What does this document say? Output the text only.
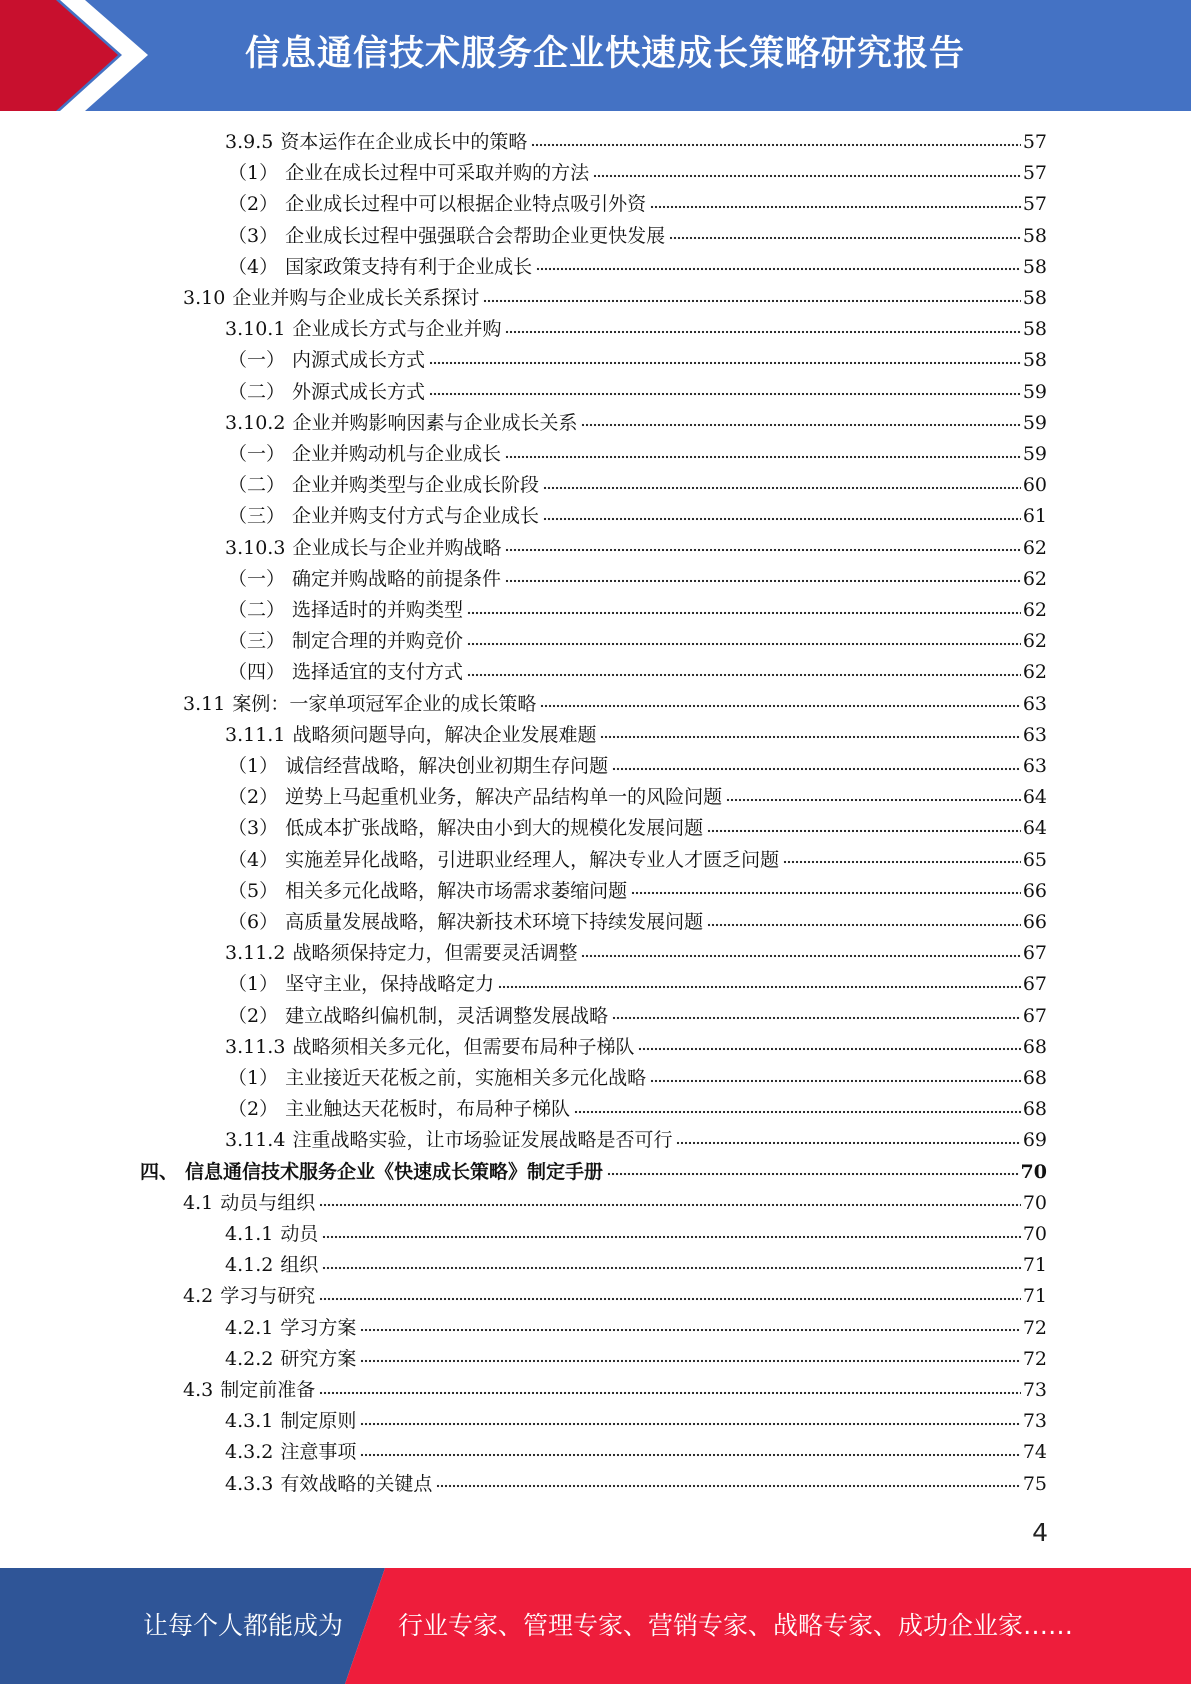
信息通信技术服务企业快速成长策略研究报告
3.9.5 资本运作在企业成长中的策略	57
（1） 企业在成长过程中可采取并购的方法	57
（2） 企业成长过程中可以根据企业特点吸引外资	57
（3） 企业成长过程中强强联合会帮助企业更快发展	58
（4） 国家政策支持有利于企业成长	58
3.10 企业并购与企业成长关系探讨	58
3.10.1 企业成长方式与企业并购	58
（一） 内源式成长方式	58
（二） 外源式成长方式	59
3.10.2 企业并购影响因素与企业成长关系	59
（一） 企业并购动机与企业成长	59
（二） 企业并购类型与企业成长阶段	60
（三） 企业并购支付方式与企业成长	61
3.10.3 企业成长与企业并购战略	62
（一） 确定并购战略的前提条件	62
（二） 选择适时的并购类型	62
（三） 制定合理的并购竞价	62
（四） 选择适宜的支付方式	62
3.11 案例：一家单项冠军企业的成长策略	63
3.11.1 战略须问题导向，解决企业发展难题	63
（1） 诚信经营战略，解决创业初期生存问题	63
（2） 逆势上马起重机业务，解决产品结构单一的风险问题	64
（3） 低成本扩张战略，解决由小到大的规模化发展问题	64
（4） 实施差异化战略，引进职业经理人，解决专业人才匮乏问题	65
（5） 相关多元化战略，解决市场需求萎缩问题	66
（6） 高质量发展战略，解决新技术环境下持续发展问题	66
3.11.2 战略须保持定力，但需要灵活调整	67
（1） 坚守主业，保持战略定力	67
（2） 建立战略纠偏机制，灵活调整发展战略	67
3.11.3 战略须相关多元化，但需要布局种子梯队	68
（1） 主业接近天花板之前，实施相关多元化战略	68
（2） 主业触达天花板时，布局种子梯队	68
3.11.4 注重战略实验，让市场验证发展战略是否可行	69
四、 信息通信技术服务企业《快速成长策略》制定手册	70
4.1 动员与组织	70
4.1.1 动员	70
4.1.2 组织	71
4.2 学习与研究	71
4.2.1 学习方案	72
4.2.2 研究方案	72
4.3 制定前准备	73
4.3.1 制定原则	73
4.3.2 注意事项	74
4.3.3 有效战略的关键点	75
4
让每个人都能成为 行业专家、管理专家、营销专家、战略专家、成功企业家……
